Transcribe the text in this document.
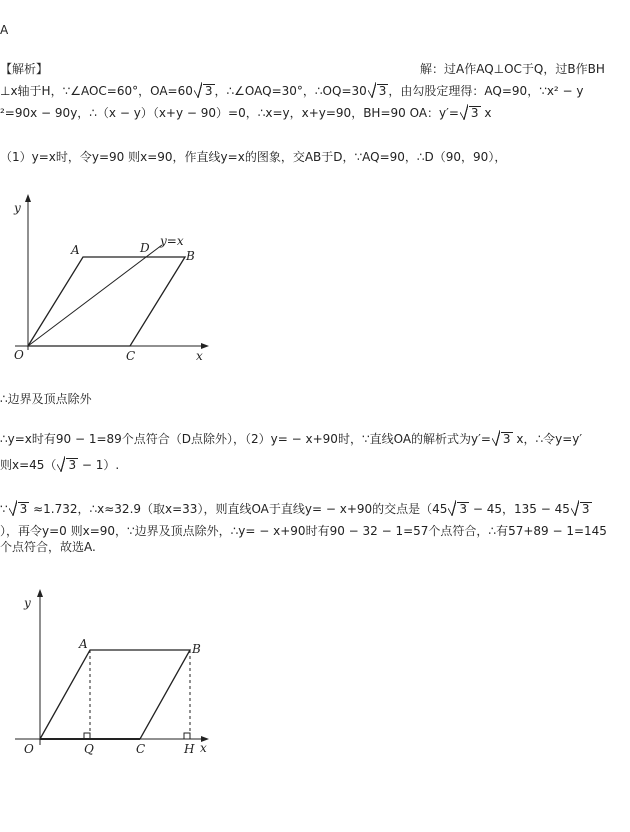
A
【解析】	解：过A作AQ⊥OC于Q，过B作BH
⊥x轴于H，∵∠AOC=60°，OA=60 3 ，∴∠OAQ=30°，∴OQ=30 3 ，由勾股定理得：AQ=90，∵x² − y
²=90x − 90y，∴（x − y）（x+y − 90）=0，∴x=y，x+y=90，BH=90 OA：y′= 3 x
（1）y=x时，令y=90 则x=90，作直线y=x的图象，交AB于D，∵AQ=90，∴D（90，90），
y
x
O
A	B
C
D y=x
∴边界及顶点除外
∴y=x时有90 − 1=89个点符合（D点除外），（2）y= − x+90时，∵直线OA的解析式为y′= 3 x，∴令y=y′
则x=45（ 3 − 1）.
∵ 3 ≈1.732，∴x≈32.9（取x=33），则直线OA于直线y= − x+90的交点是（45 3 − 45，135 − 45 3
），再令y=0 则x=90，∵边界及顶点除外，∴y= − x+90时有90 − 32 − 1=57个点符合，∴有57+89 − 1=145
个点符合，故选A.
y
x
O
A	B
C
Q	H
